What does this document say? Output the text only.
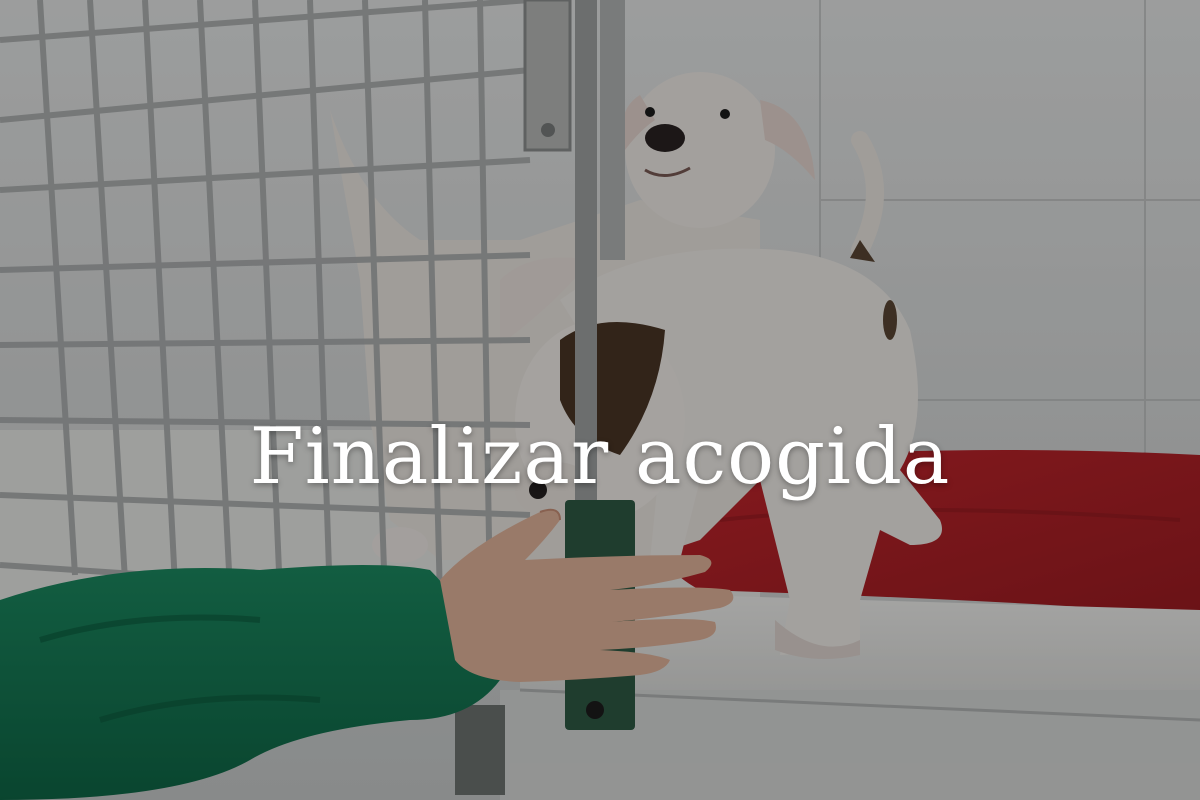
Finalizar acogida
